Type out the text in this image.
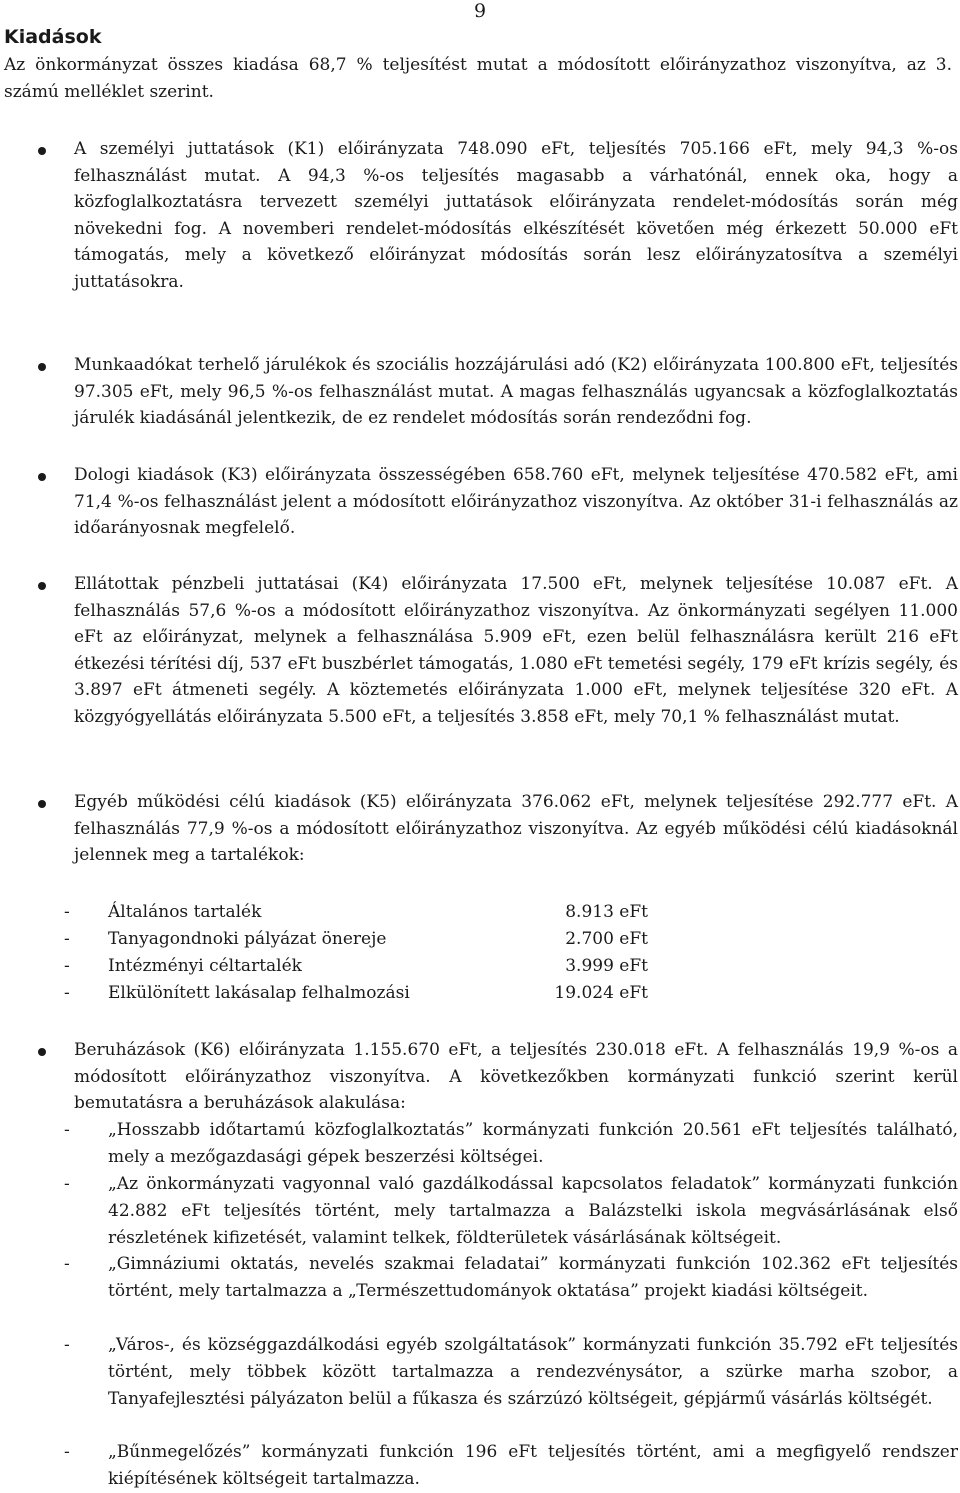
9
Kiadások
Az önkormányzat összes kiadása 68,7 % teljesítést mutat a módosított előirányzathoz viszonyítva, az 3. számú melléklet szerint.
A személyi juttatások (K1) előirányzata 748.090 eFt, teljesítés 705.166 eFt, mely 94,3 %-os felhasználást mutat. A 94,3 %-os teljesítés magasabb a várhatónál, ennek oka, hogy a közfoglalkoztatásra tervezett személyi juttatások előirányzata rendelet-módosítás során még növekedni fog. A novemberi rendelet-módosítás elkészítését követően még érkezett 50.000 eFt támogatás, mely a következő előirányzat módosítás során lesz előirányzatosítva a személyi juttatásokra.
Munkaadókat terhelő járulékok és szociális hozzájárulási adó (K2) előirányzata 100.800 eFt, teljesítés 97.305 eFt, mely 96,5 %-os felhasználást mutat. A magas felhasználás ugyancsak a közfoglalkoztatás járulék kiadásánál jelentkezik, de ez rendelet módosítás során rendeződni fog.
Dologi kiadások (K3) előirányzata összességében 658.760 eFt, melynek teljesítése 470.582 eFt, ami 71,4 %-os felhasználást jelent a módosított előirányzathoz viszonyítva. Az október 31-i felhasználás az időarányosnak megfelelő.
Ellátottak pénzbeli juttatásai (K4) előirányzata 17.500 eFt, melynek teljesítése 10.087 eFt. A felhasználás 57,6 %-os a módosított előirányzathoz viszonyítva. Az önkormányzati segélyen 11.000 eFt az előirányzat, melynek a felhasználása 5.909 eFt, ezen belül felhasználásra került 216 eFt étkezési térítési díj, 537 eFt buszbérlet támogatás, 1.080 eFt temetési segély, 179 eFt krízis segély, és 3.897 eFt átmeneti segély. A köztemetés előirányzata 1.000 eFt, melynek teljesítése 320 eFt. A közgyógyellátás előirányzata 5.500 eFt, a teljesítés 3.858 eFt, mely 70,1 % felhasználást mutat.
Egyéb működési célú kiadások (K5) előirányzata 376.062 eFt, melynek teljesítése 292.777 eFt. A felhasználás 77,9 %-os a módosított előirányzathoz viszonyítva. Az egyéb működési célú kiadásoknál jelennek meg a tartalékok:
- Általános tartalék	8.913 eFt
- Tanyagondnoki pályázat önereje	2.700 eFt
- Intézményi céltartalék	3.999 eFt
- Elkülönített lakásalap felhalmozási	19.024 eFt
Beruházások (K6) előirányzata 1.155.670 eFt, a teljesítés 230.018 eFt. A felhasználás 19,9 %-os a módosított előirányzathoz viszonyítva. A következőkben kormányzati funkció szerint kerül bemutatásra a beruházások alakulása:
- „Hosszabb időtartamú közfoglalkoztatás” kormányzati funkción 20.561 eFt teljesítés található, mely a mezőgazdasági gépek beszerzési költségei.
- „Az önkormányzati vagyonnal való gazdálkodással kapcsolatos feladatok” kormányzati funkción 42.882 eFt teljesítés történt, mely tartalmazza a Balázstelki iskola megvásárlásának első részletének kifizetését, valamint telkek, földterületek vásárlásának költségeit.
- „Gimnáziumi oktatás, nevelés szakmai feladatai” kormányzati funkción 102.362 eFt teljesítés történt, mely tartalmazza a „Természettudományok oktatása” projekt kiadási költségeit.
- „Város-, és községgazdálkodási egyéb szolgáltatások” kormányzati funkción 35.792 eFt teljesítés történt, mely többek között tartalmazza a rendezvénysátor, a szürke marha szobor, a Tanyafejlesztési pályázaton belül a fűkasza és szárzúzó költségeit, gépjármű vásárlás költségét.
- „Bűnmegelőzés” kormányzati funkción 196 eFt teljesítés történt, ami a megfigyelő rendszer kiépítésének költségeit tartalmazza.
